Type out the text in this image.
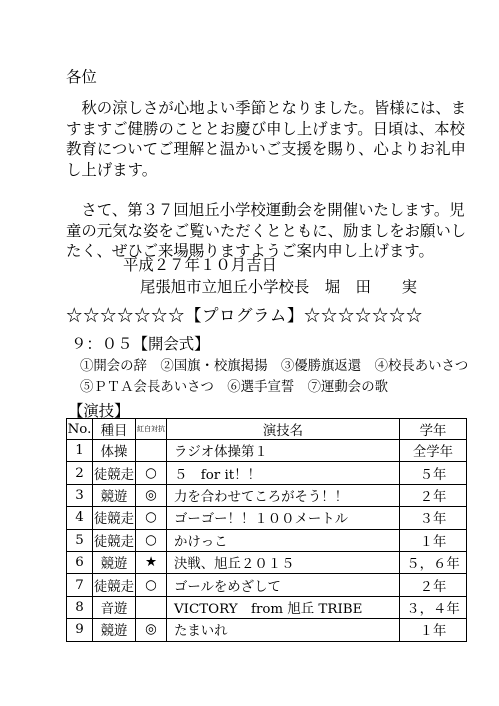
各位
　秋の涼しさが心地よい季節となりました。皆様には、ま
すますご健勝のこととお慶び申し上げます。日頃は、本校
教育についてご理解と温かいご支援を賜り、心よりお礼申
し上げます。
　さて、第３７回旭丘小学校運動会を開催いたします。児
童の元気な姿をご覧いただくとともに、励ましをお願いし
たく、ぜひご来場賜りますようご案内申し上げます。
平成２７年１０月吉日
尾張旭市立旭丘小学校長　堀　田　　実
☆☆☆☆☆☆☆【プログラム】☆☆☆☆☆☆☆
９：０５【開会式】
①開会の辞　②国旗・校旗掲揚　③優勝旗返還　④校長あいさつ
⑤ＰＴＡ会長あいさつ　⑥選手宣誓　⑦運動会の歌
【演技】
No.	種目	紅白対抗	演技名	学年
1	体操		ラジオ体操第１	全学年
2	徒競走	○	５　for it！！	５年
3	競遊	◎	力を合わせてころがそう！！	２年
4	徒競走	○	ゴーゴー！！１００メートル	３年
5	徒競走	○	かけっこ	１年
6	競遊	★	決戦、旭丘２０１５	５，６年
7	徒競走	○	ゴールをめざして	２年
8	音遊		VICTORY　from 旭丘 TRIBE	３，４年
9	競遊	◎	たまいれ	１年
